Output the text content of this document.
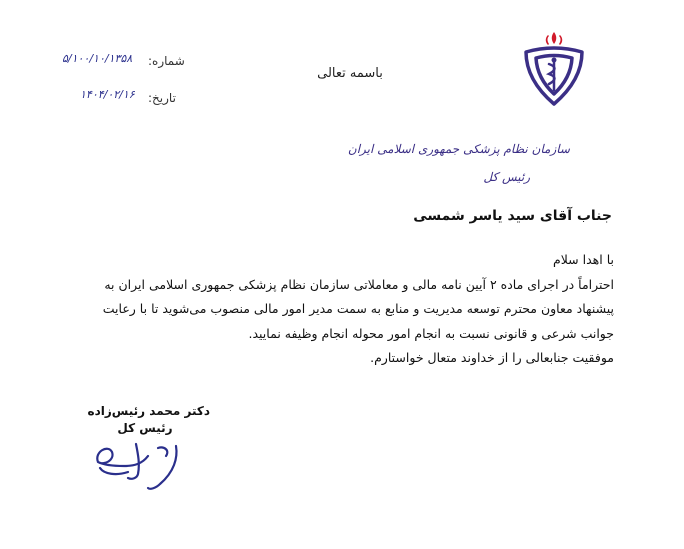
سازمان نظام پزشکی جمهوری اسلامی ایران
رئیس کل
باسمه تعالی
شماره:
۵/۱۰۰/۱۰/۱۳۵۸
تاریخ:
۱۴۰۴/۰۲/۱۶
جناب آقای سید یاسر شمسی

با اهدا سلام

احتراماً در اجرای ماده ۲ آیین نامه مالی و معاملاتی سازمان نظام پزشکی جمهوری اسلامی ایران به

پیشنهاد معاون محترم توسعه مدیریت و منابع به سمت مدیر امور مالی منصوب می‌شوید تا با رعایت

جوانب شرعی و قانونی نسبت به انجام امور محوله انجام وظیفه نمایید.

موفقیت جنابعالی را از خداوند متعال خواستارم.

دکتر محمد رئیس‌زاده
رئیس کل
